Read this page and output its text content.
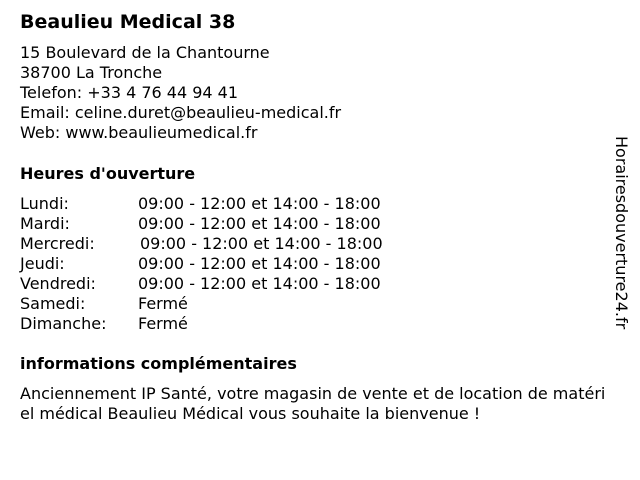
Beaulieu Medical 38
15 Boulevard de la Chantourne
38700 La Tronche
Telefon: +33 4 76 44 94 41
Email: celine.duret@beaulieu-medical.fr
Web: www.beaulieumedical.fr
Heures d'ouverture
Lundi:	09:00 - 12:00 et 14:00 - 18:00
Mardi:	09:00 - 12:00 et 14:00 - 18:00
Mercredi:	09:00 - 12:00 et 14:00 - 18:00
Jeudi:	09:00 - 12:00 et 14:00 - 18:00
Vendredi:	09:00 - 12:00 et 14:00 - 18:00
Samedi:	Fermé
Dimanche: Fermé
informations complémentaires
Anciennement IP Santé, votre magasin de vente et de location de matériel médical Beaulieu Médical vous souhaite la bienvenue !
Horairesdouverture24.fr
